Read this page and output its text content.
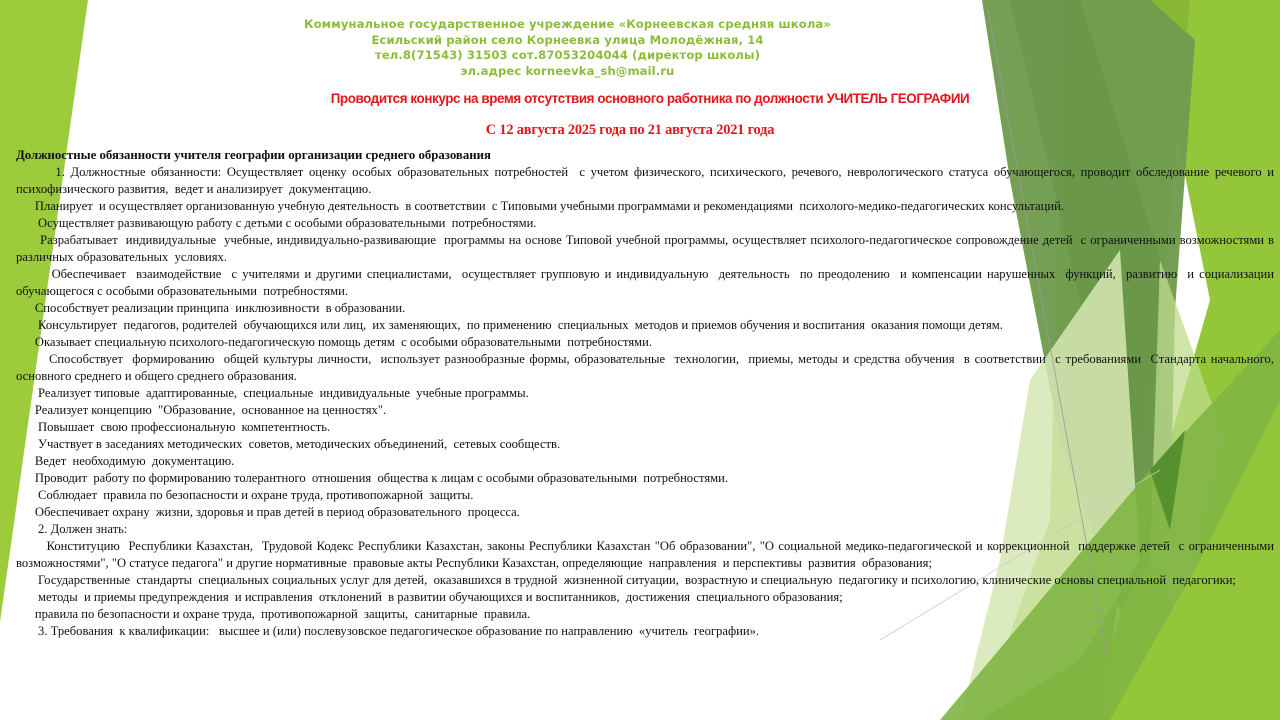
Коммунальное государственное учреждение «Корнеевская средняя школа»
Есильский район село Корнеевка улица Молодёжная, 14
тел.8(71543) 31503 сот.87053204044 (директор школы)
эл.адрес korneevka_sh@mail.ru
Проводится конкурс на время отсутствия основного работника по должности УЧИТЕЛЬ ГЕОГРАФИИ
С 12 августа 2025 года по 21 августа 2021 года
Должностные обязанности учителя географии организации среднего образования

1. Должностные обязанности: Осуществляет оценку особых образовательных потребностей  с учетом физического, психического, речевого, неврологического статуса обучающегося, проводит обследование речевого и психофизического развития,  ведет и анализирует  документацию.

Планирует  и осуществляет организованную учебную деятельность  в соответствии  с Типовыми учебными программами и рекомендациями  психолого-медико-педагогических консультаций.

Осуществляет развивающую работу с детьми с особыми образовательными  потребностями.

Разрабатывает  индивидуальные  учебные, индивидуально-развивающие  программы на основе Типовой учебной программы, осуществляет психолого-педагогическое сопровождение детей  с ограниченными возможностями в различных образовательных  условиях.

Обеспечивает  взаимодействие  с учителями и другими специалистами,  осуществляет групповую и индивидуальную  деятельность  по преодолению  и компенсации нарушенных  функций,  развитию  и социализации обучающегося с особыми образовательными  потребностями.

Способствует реализации принципа  инклюзивности  в образовании.

Консультирует  педагогов, родителей  обучающихся или лиц,  их заменяющих,  по применению  специальных  методов и приемов обучения и воспитания  оказания помощи детям.

Оказывает специальную психолого-педагогическую помощь детям  с особыми образовательными  потребностями.

Способствует  формированию  общей культуры личности,  использует разнообразные формы, образовательные  технологии,  приемы, методы и средства обучения  в соответствии  с требованиями  Стандарта начального,  основного среднего и общего среднего образования.

Реализует типовые  адаптированные,  специальные  индивидуальные  учебные программы.

Реализует концепцию  "Образование,  основанное на ценностях".

Повышает  свою профессиональную  компетентность.

Участвует в заседаниях методических  советов, методических объединений,  сетевых сообществ.

Ведет  необходимую  документацию.

Проводит  работу по формированию толерантного  отношения  общества к лицам с особыми образовательными  потребностями.

Соблюдает  правила по безопасности и охране труда, противопожарной  защиты.

Обеспечивает охрану  жизни, здоровья и прав детей в период образовательного  процесса.

2. Должен знать:

Конституцию  Республики Казахстан,  Трудовой Кодекс Республики Казахстан, законы Республики Казахстан "Об образовании", "О социальной медико-педагогической и коррекционной  поддержке детей  с ограниченными  возможностями", "О статусе педагога" и другие нормативные  правовые акты Республики Казахстан, определяющие  направления  и перспективы  развития  образования;

Государственные  стандарты  специальных социальных услуг для детей,  оказавшихся в трудной  жизненной ситуации,  возрастную и специальную  педагогику и психологию, клинические основы специальной  педагогики;

методы  и приемы предупреждения  и исправления  отклонений  в развитии обучающихся и воспитанников,  достижения  специального образования;

правила по безопасности и охране труда,  противопожарной  защиты,  санитарные  правила.

3. Требования  к квалификации:   высшее и (или) послевузовское педагогическое образование по направлению  «учитель  географии».
